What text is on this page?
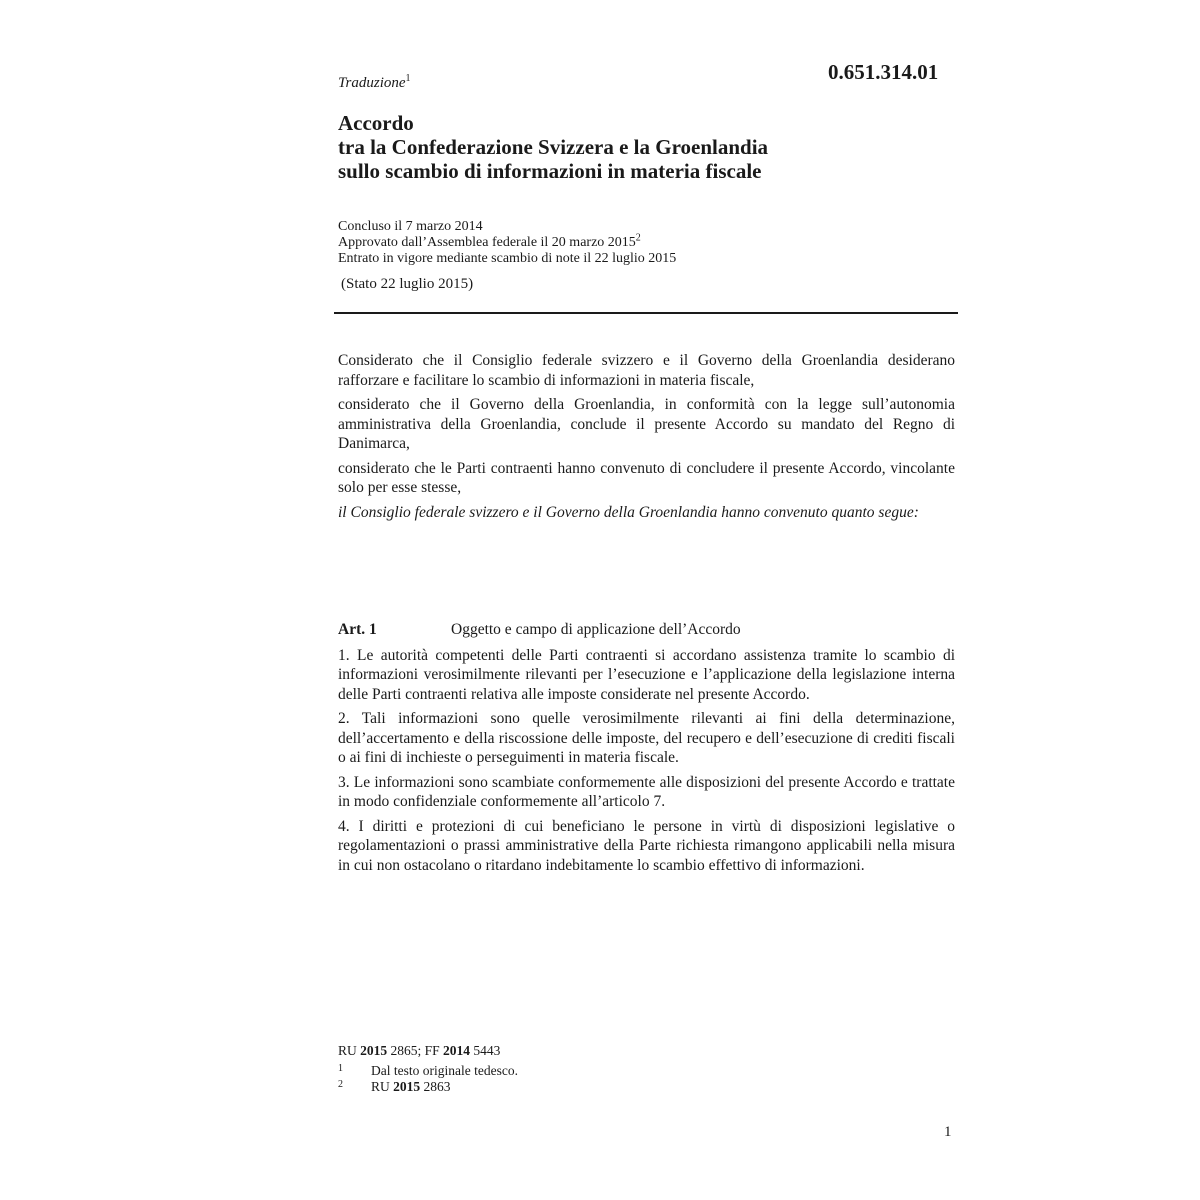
0.651.314.01
Traduzione$^1$
Accordo
tra la Confederazione Svizzera e la Groenlandia
sullo scambio di informazioni in materia fiscale
Concluso il 7 marzo 2014
Approvato dall’Assemblea federale il 20 marzo 2015$^2$
Entrato in vigore mediante scambio di note il 22 luglio 2015
(Stato 22 luglio 2015)

Considerato che il Consiglio federale svizzero e il Governo della Groenlandia desiderano rafforzare e facilitare lo scambio di informazioni in materia fiscale,

considerato che il Governo della Groenlandia, in conformità con la legge sull’autonomia amministrativa della Groenlandia, conclude il presente Accordo su mandato del Regno di Danimarca,

considerato che le Parti contraenti hanno convenuto di concludere il presente Accordo, vincolante solo per esse stesse,

il Consiglio federale svizzero e il Governo della Groenlandia hanno convenuto quanto segue:

Art. 1	Oggetto e campo di applicazione dell’Accordo

1. Le autorità competenti delle Parti contraenti si accordano assistenza tramite lo scambio di informazioni verosimilmente rilevanti per l’esecuzione e l’applicazione della legislazione interna delle Parti contraenti relativa alle imposte considerate nel presente Accordo.

2. Tali informazioni sono quelle verosimilmente rilevanti ai fini della determinazione, dell’accertamento e della riscossione delle imposte, del recupero e dell’esecuzione di crediti fiscali o ai fini di inchieste o perseguimenti in materia fiscale.

3. Le informazioni sono scambiate conformemente alle disposizioni del presente Accordo e trattate in modo confidenziale conformemente all’articolo 7.

4. I diritti e protezioni di cui beneficiano le persone in virtù di disposizioni legislative o regolamentazioni o prassi amministrative della Parte richiesta rimangono applicabili nella misura in cui non ostacolano o ritardano indebitamente lo scambio effettivo di informazioni.

RU 2015 2865; FF 2014 5443
1	Dal testo originale tedesco.
2	RU 2015 2863
1
